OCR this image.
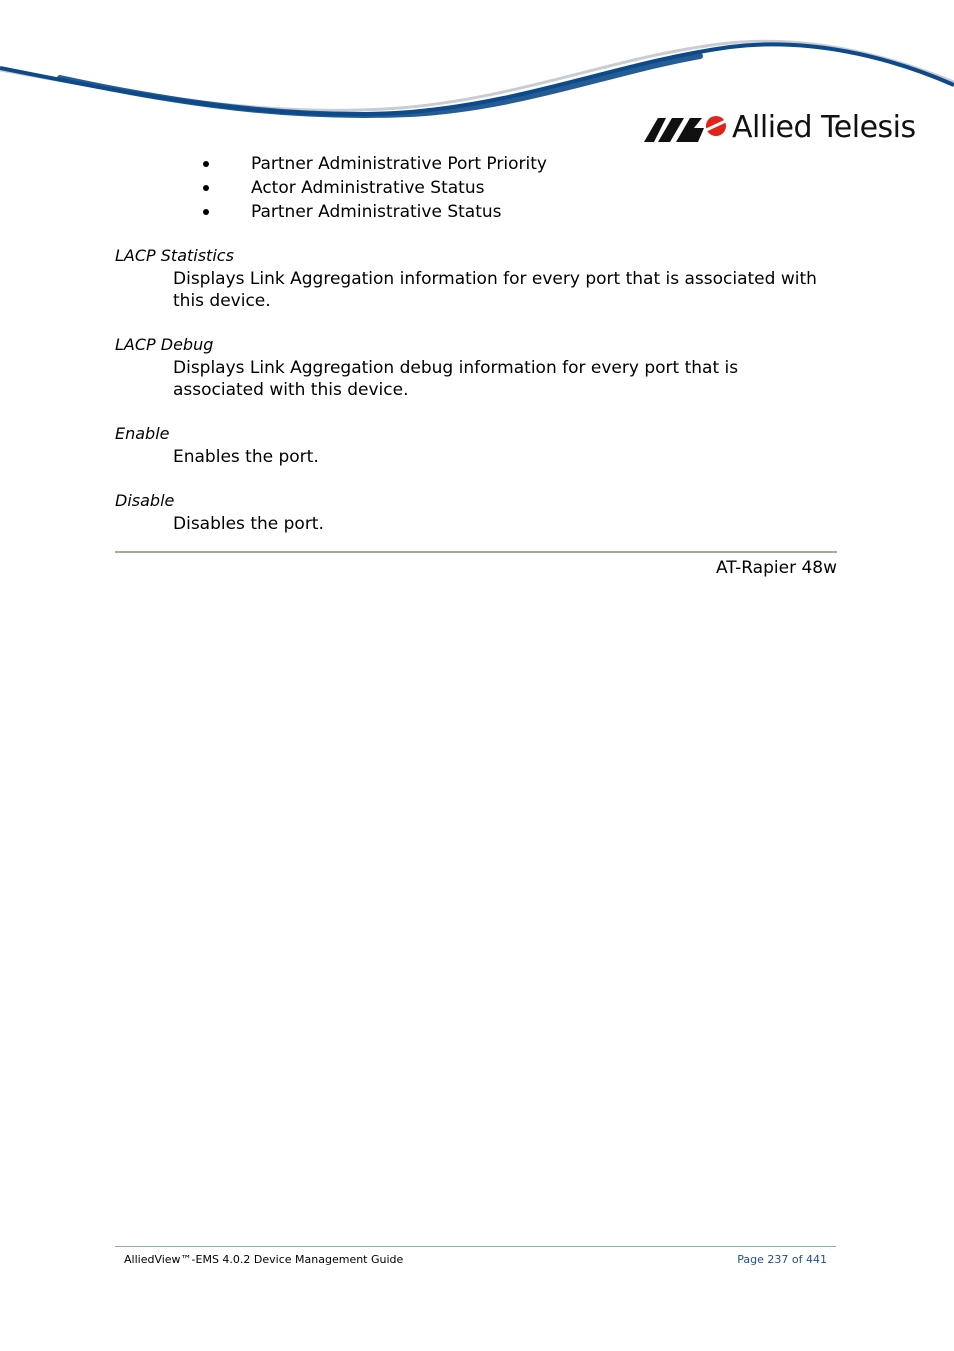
Allied Telesis
Partner Administrative Port Priority
Actor Administrative Status
Partner Administrative Status
LACP Statistics
Displays Link Aggregation information for every port that is associated with this device.
LACP Debug
Displays Link Aggregation debug information for every port that is associated with this device.
Enable
Enables the port.
Disable
Disables the port.
AT-Rapier 48w
AlliedView™-EMS 4.0.2 Device Management Guide	Page 237 of 441
